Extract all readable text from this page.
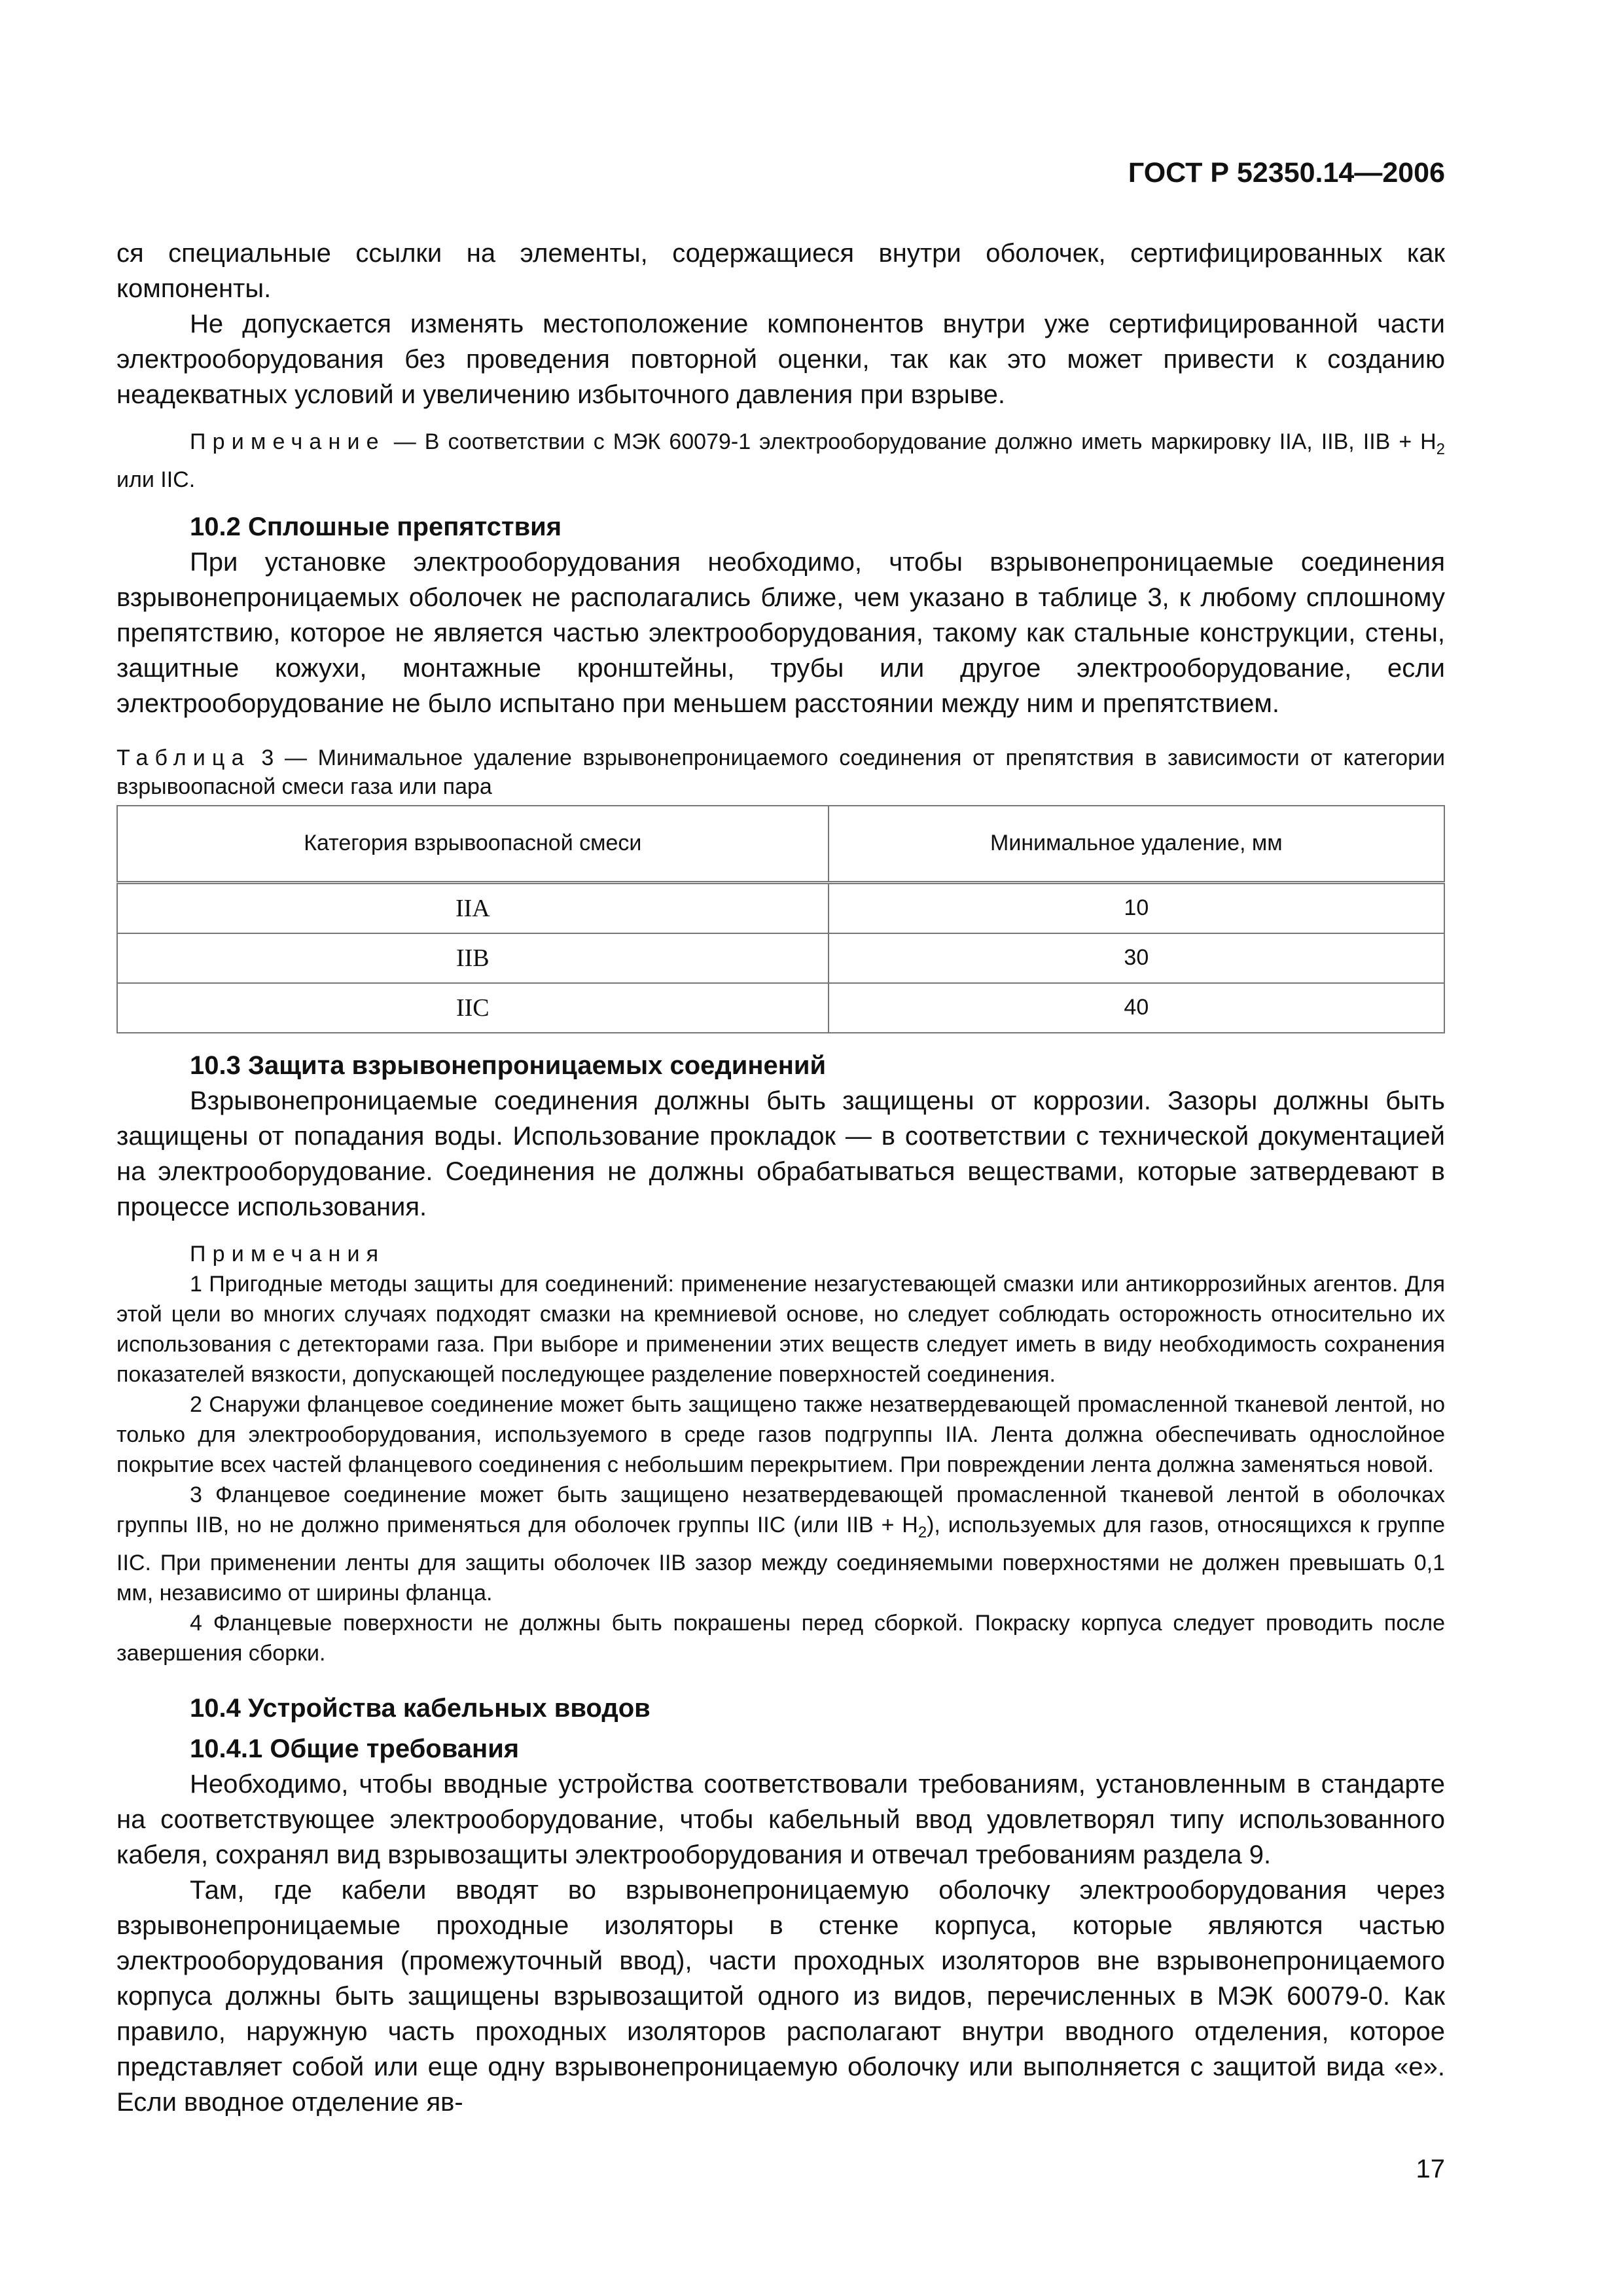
ГОСТ Р 52350.14—2006

ся специальные ссылки на элементы, содержащиеся внутри оболочек, сертифицированных как компоненты.

Не допускается изменять местоположение компонентов внутри уже сертифицированной части электрооборудования без проведения повторной оценки, так как это может привести к созданию неадекватных условий и увеличению избыточного давления при взрыве.

Примечание — В соответствии с МЭК 60079-1 электрооборудование должно иметь маркировку IIA, IIB, IIB + $H_2$ или IIC.

10.2 Сплошные препятствия

При установке электрооборудования необходимо, чтобы взрывонепроницаемые соединения взрывонепроницаемых оболочек не располагались ближе, чем указано в таблице 3, к любому сплошному препятствию, которое не является частью электрооборудования, такому как стальные конструкции, стены, защитные кожухи, монтажные кронштейны, трубы или другое электрооборудование, если электрооборудование не было испытано при меньшем расстоянии между ним и препятствием.

Таблица 3 — Минимальное удаление взрывонепроницаемого соединения от препятствия в зависимости от категории взрывоопасной смеси газа или пара

Категория взрывоопасной смеси	Минимальное удаление, мм
IIA	10
IIB	30
IIC	40
10.3 Защита взрывонепроницаемых соединений

Взрывонепроницаемые соединения должны быть защищены от коррозии. Зазоры должны быть защищены от попадания воды. Использование прокладок — в соответствии с технической документацией на электрооборудование. Соединения не должны обрабатываться веществами, которые затвердевают в процессе использования.

Примечания

1 Пригодные методы защиты для соединений: применение незагустевающей смазки или антикоррозийных агентов. Для этой цели во многих случаях подходят смазки на кремниевой основе, но следует соблюдать осторожность относительно их использования с детекторами газа. При выборе и применении этих веществ следует иметь в виду необходимость сохранения показателей вязкости, допускающей последующее разделение поверхностей соединения.

2 Снаружи фланцевое соединение может быть защищено также незатвердевающей промасленной тканевой лентой, но только для электрооборудования, используемого в среде газов подгруппы IIA. Лента должна обеспечивать однослойное покрытие всех частей фланцевого соединения с небольшим перекрытием. При повреждении лента должна заменяться новой.

3 Фланцевое соединение может быть защищено незатвердевающей промасленной тканевой лентой в оболочках группы IIB, но не должно применяться для оболочек группы IIC (или IIB + $H_2$), используемых для газов, относящихся к группе IIC. При применении ленты для защиты оболочек IIB зазор между соединяемыми поверхностями не должен превышать 0,1 мм, независимо от ширины фланца.

4 Фланцевые поверхности не должны быть покрашены перед сборкой. Покраску корпуса следует проводить после завершения сборки.

10.4 Устройства кабельных вводов
10.4.1 Общие требования

Необходимо, чтобы вводные устройства соответствовали требованиям, установленным в стандарте на соответствующее электрооборудование, чтобы кабельный ввод удовлетворял типу использованного кабеля, сохранял вид взрывозащиты электрооборудования и отвечал требованиям раздела 9.

Там, где кабели вводят во взрывонепроницаемую оболочку электрооборудования через взрывонепроницаемые проходные изоляторы в стенке корпуса, которые являются частью электрооборудования (промежуточный ввод), части проходных изоляторов вне взрывонепроницаемого корпуса должны быть защищены взрывозащитой одного из видов, перечисленных в МЭК 60079-0. Как правило, наружную часть проходных изоляторов располагают внутри вводного отделения, которое представляет собой или еще одну взрывонепроницаемую оболочку или выполняется с защитой вида «е». Если вводное отделение яв-

17
